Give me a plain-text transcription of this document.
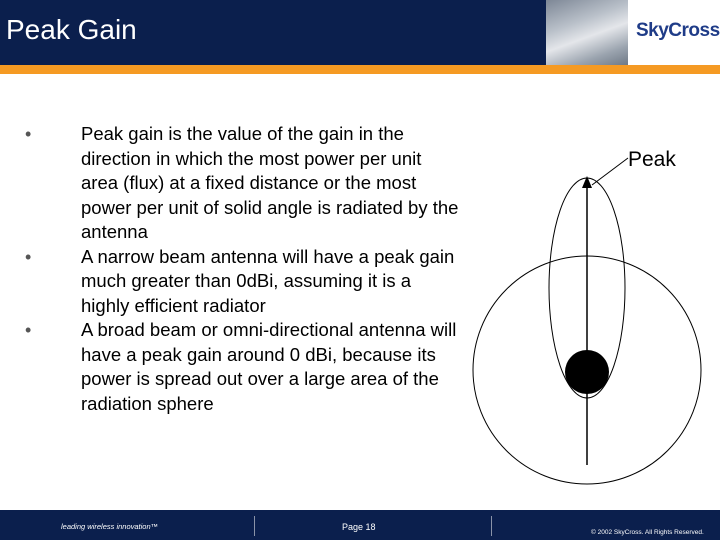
Peak Gain	SkyCross
•	Peak gain is the value of the gain in the direction in which the most power per unit area (flux) at a fixed distance or the most power per unit of solid angle is radiated by the antenna
•	A narrow beam antenna will have a peak gain much greater than 0dBi, assuming it is a highly efficient radiator
•	A broad beam or omni-directional antenna will have a peak gain around 0 dBi, because its power is spread out over a large area of the radiation sphere
Peak
leading wireless innovation™	Page 18
© 2002 SkyCross. All Rights Reserved.
